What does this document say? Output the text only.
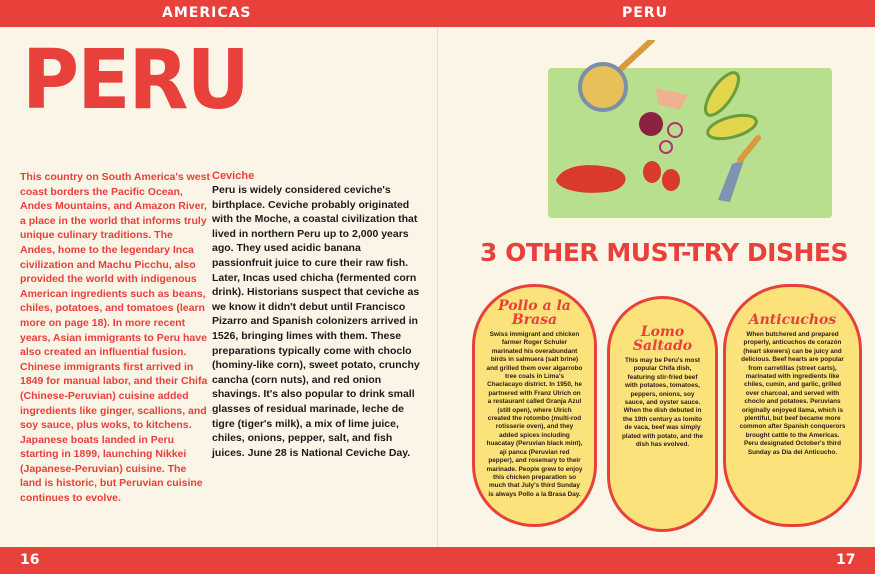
AMERICAS	PERU
PERU

This country on South America's west coast borders the Pacific Ocean, Andes Mountains, and Amazon River, a place in the world that informs truly unique culinary traditions. The Andes, home to the legendary Inca civilization and Machu Picchu, also provided the world with indigenous American ingredients such as beans, chiles, potatoes, and tomatoes (learn more on page 18). In more recent years, Asian immigrants to Peru have also created an influential fusion. Chinese immigrants first arrived in 1849 for manual labor, and their Chifa (Chinese-Peruvian) cuisine added ingredients like ginger, scallions, and soy sauce, plus woks, to kitchens. Japanese boats landed in Peru starting in 1899, launching Nikkei (Japanese-Peruvian) cuisine. The land is historic, but Peruvian cuisine continues to evolve.

Ceviche

Peru is widely considered ceviche's birthplace. Ceviche probably originated with the Moche, a coastal civilization that lived in northern Peru up to 2,000 years ago. They used acidic banana passionfruit juice to cure their raw fish. Later, Incas used chicha (fermented corn drink). Historians suspect that ceviche as we know it didn't debut until Francisco Pizarro and Spanish colonizers arrived in 1526, bringing limes with them. These preparations typically come with choclo (hominy-like corn), sweet potato, crunchy cancha (corn nuts), and red onion shavings. It's also popular to drink small glasses of residual marinade, leche de tigre (tiger's milk), a mix of lime juice, chiles, onions, pepper, salt, and fish juices. June 28 is National Ceviche Day.

3 OTHER MUST-TRY DISHES
Pollo a la Brasa

Swiss immigrant and chicken farmer Roger Schuler marinated his overabundant birds in salmuera (salt brine) and grilled them over algarrobo tree coals in Lima's Chaclacayo district. In 1950, he partnered with Franz Ulrich on a restaurant called Granja Azul (still open), where Ulrich created the rotombo (multi-rod rotisserie oven), and they added spices including huacatay (Peruvian black mint), ají panca (Peruvian red pepper), and rosemary to their marinade. People grew to enjoy this chicken preparation so much that July's third Sunday is always Pollo a la Brasa Day.

Lomo Saltado

This may be Peru's most popular Chifa dish, featuring stir-fried beef with potatoes, tomatoes, peppers, onions, soy sauce, and oyster sauce. When the dish debuted in the 19th century as lomito de vaca, beef was simply plated with potato, and the dish has evolved.

Anticuchos

When butchered and prepared properly, anticuchos de corazón (heart skewers) can be juicy and delicious. Beef hearts are popular from carretillas (street carts), marinated with ingredients like chiles, cumin, and garlic, grilled over charcoal, and served with choclo and potatoes. Peruvians originally enjoyed llama, which is plentiful, but beef became more common after Spanish conquerors brought cattle to the Americas. Peru designated October's third Sunday as Día del Anticucho.

16	17
